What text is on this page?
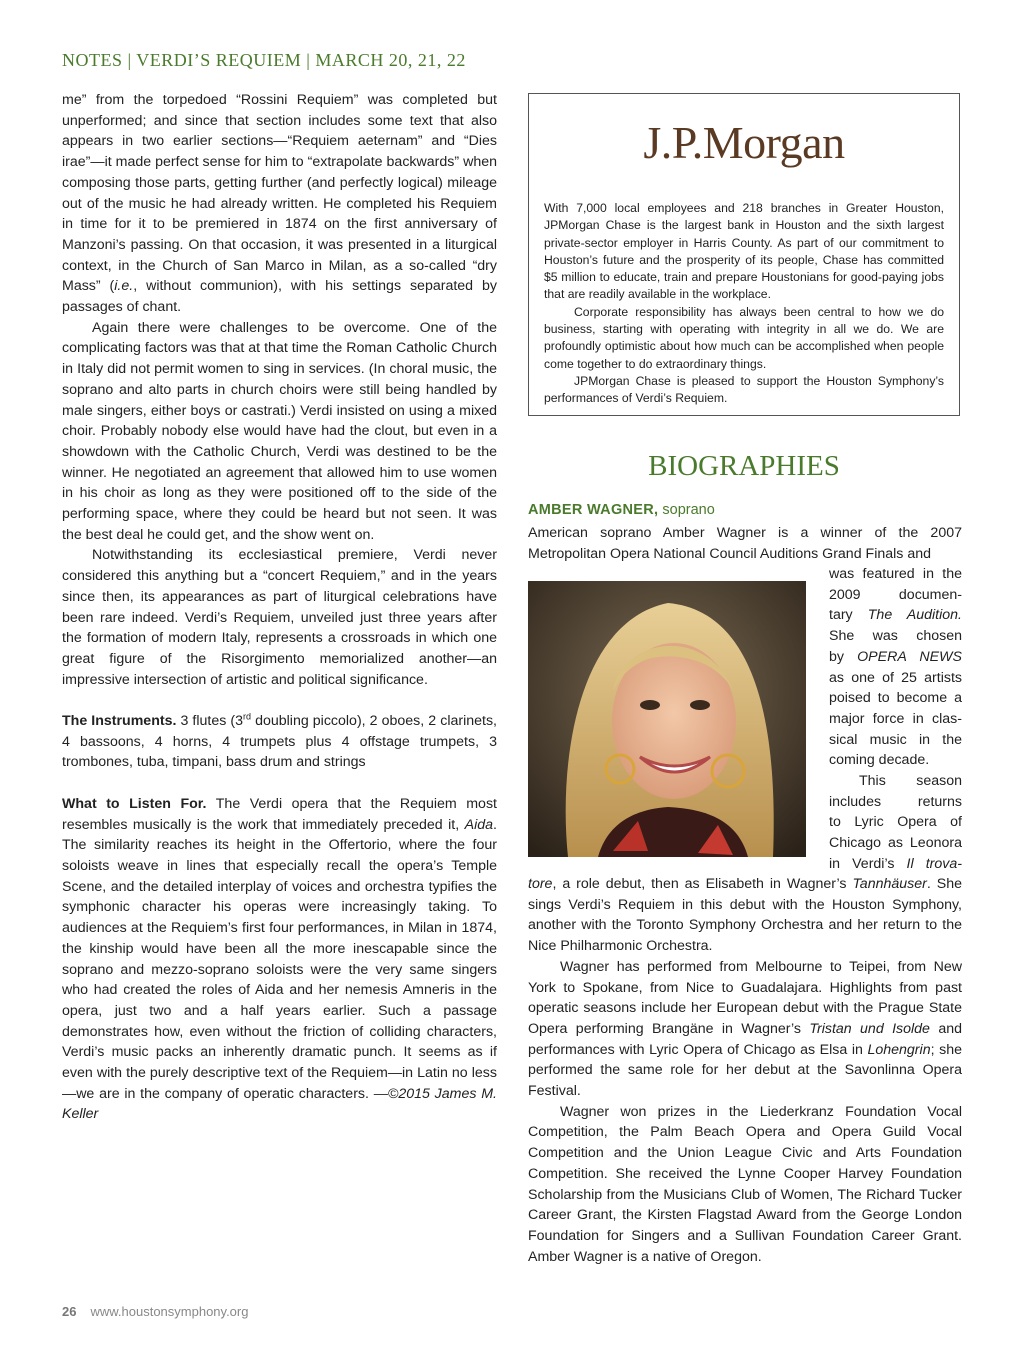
NOTES | VERDI’S REQUIEM | MARCH 20, 21, 22

me” from the torpedoed “Rossini Requiem” was completed but unperformed; and since that section includes some text that also appears in two earlier sections—“Requiem aeternam” and “Dies irae”—it made perfect sense for him to “extrapolate backwards” when composing those parts, getting further (and perfectly logical) mileage out of the music he had already written. He completed his Requiem in time for it to be premiered in 1874 on the first anniversary of Manzoni’s passing. On that occasion, it was presented in a liturgical context, in the Church of San Marco in Milan, as a so-called “dry Mass” (i.e., without communion), with his settings separated by passages of chant.

Again there were challenges to be overcome. One of the complicating factors was that at that time the Roman Catholic Church in Italy did not permit women to sing in services. (In choral music, the soprano and alto parts in church choirs were still being handled by male singers, either boys or castrati.) Verdi insisted on using a mixed choir. Probably nobody else would have had the clout, but even in a showdown with the Catholic Church, Verdi was destined to be the winner. He negotiated an agreement that allowed him to use women in his choir as long as they were positioned off to the side of the performing space, where they could be heard but not seen. It was the best deal he could get, and the show went on.

Notwithstanding its ecclesiastical premiere, Verdi never considered this anything but a “concert Requiem,” and in the years since then, its appearances as part of liturgical celebrations have been rare indeed. Verdi’s Requiem, unveiled just three years after the formation of modern Italy, represents a crossroads in which one great figure of the Risorgimento memorialized another—an impressive intersection of artistic and political significance.

The Instruments. 3 flutes (3rd doubling piccolo), 2 oboes, 2 clarinets, 4 bassoons, 4 horns, 4 trumpets plus 4 offstage trumpets, 3 trombones, tuba, timpani, bass drum and strings

What to Listen For. The Verdi opera that the Requiem most resembles musically is the work that immediately preceded it, Aida. The similarity reaches its height in the Offertorio, where the four soloists weave in lines that especially recall the opera’s Temple Scene, and the detailed interplay of voices and orchestra typifies the symphonic character his operas were increasingly taking. To audiences at the Requiem’s first four performances, in Milan in 1874, the kinship would have been all the more inescapable since the soprano and mezzo-soprano soloists were the very same singers who had created the roles of Aida and her nemesis Amneris in the opera, just two and a half years earlier. Such a passage demonstrates how, even without the friction of colliding characters, Verdi’s music packs an inherently dramatic punch. It seems as if even with the purely descriptive text of the Requiem—in Latin no less—we are in the company of operatic characters. —©2015 James M. Keller

J.P.Morgan

With 7,000 local employees and 218 branches in Greater Houston, JPMorgan Chase is the largest bank in Houston and the sixth largest private-sector employer in Harris County. As part of our commitment to Houston’s future and the prosperity of its people, Chase has committed $5 million to educate, train and prepare Houstonians for good-paying jobs that are readily available in the workplace.

Corporate responsibility has always been central to how we do business, starting with operating with integrity in all we do. We are profoundly optimistic about how much can be accomplished when people come together to do extraordinary things.

JPMorgan Chase is pleased to support the Houston Symphony’s performances of Verdi’s Requiem.

BIOGRAPHIES
AMBER WAGNER, soprano
American soprano Amber Wagner is a winner of the 2007 Metropolitan Opera National Council Auditions Grand Finals and
was featured in the
2009 documen-
tary The Audition.
She was chosen
by OPERA NEWS
as one of 25 artists
poised to become a
major force in clas-
sical music in the
coming decade.
This season
includes returns
to Lyric Opera of
Chicago as Leonora
in Verdi’s Il trova-

tore, a role debut, then as Elisabeth in Wagner’s Tannhäuser. She sings Verdi’s Requiem in this debut with the Houston Symphony, another with the Toronto Symphony Orchestra and her return to the Nice Philharmonic Orchestra.

Wagner has performed from Melbourne to Teipei, from New York to Spokane, from Nice to Guadalajara. Highlights from past operatic seasons include her European debut with the Prague State Opera performing Brangäne in Wagner’s Tristan und Isolde and performances with Lyric Opera of Chicago as Elsa in Lohengrin; she performed the same role for her debut at the Savonlinna Opera Festival.

Wagner won prizes in the Liederkranz Foundation Vocal Competition, the Palm Beach Opera and Opera Guild Vocal Competition and the Union League Civic and Arts Foundation Competition. She received the Lynne Cooper Harvey Foundation Scholarship from the Musicians Club of Women, The Richard Tucker Career Grant, the Kirsten Flagstad Award from the George London Foundation for Singers and a Sullivan Foundation Career Grant. Amber Wagner is a native of Oregon.

26 www.houstonsymphony.org
